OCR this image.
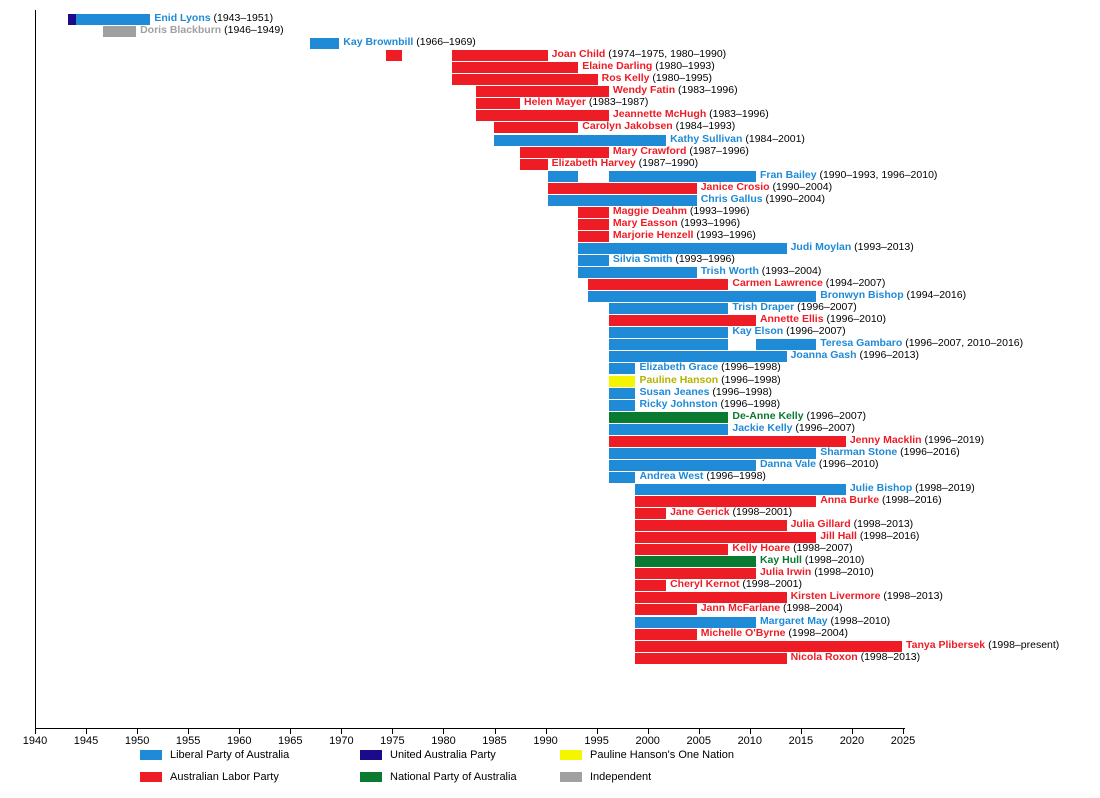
Enid Lyons (1943–1951)
Doris Blackburn (1946–1949)
Kay Brownbill (1966–1969)
Joan Child (1974–1975, 1980–1990)
Elaine Darling (1980–1993)
Ros Kelly (1980–1995)
Wendy Fatin (1983–1996)
Helen Mayer (1983–1987)
Jeannette McHugh (1983–1996)
Carolyn Jakobsen (1984–1993)
Kathy Sullivan (1984–2001)
Mary Crawford (1987–1996)
Elizabeth Harvey (1987–1990)
Fran Bailey (1990–1993, 1996–2010)
Janice Crosio (1990–2004)
Chris Gallus (1990–2004)
Maggie Deahm (1993–1996)
Mary Easson (1993–1996)
Marjorie Henzell (1993–1996)
Judi Moylan (1993–2013)
Silvia Smith (1993–1996)
Trish Worth (1993–2004)
Carmen Lawrence (1994–2007)
Bronwyn Bishop (1994–2016)
Trish Draper (1996–2007)
Annette Ellis (1996–2010)
Kay Elson (1996–2007)
Teresa Gambaro (1996–2007, 2010–2016)
Joanna Gash (1996–2013)
Elizabeth Grace (1996–1998)
Pauline Hanson (1996–1998)
Susan Jeanes (1996–1998)
Ricky Johnston (1996–1998)
De-Anne Kelly (1996–2007)
Jackie Kelly (1996–2007)
Jenny Macklin (1996–2019)
Sharman Stone (1996–2016)
Danna Vale (1996–2010)
Andrea West (1996–1998)
Julie Bishop (1998–2019)
Anna Burke (1998–2016)
Jane Gerick (1998–2001)
Julia Gillard (1998–2013)
Jill Hall (1998–2016)
Kelly Hoare (1998–2007)
Kay Hull (1998–2010)
Julia Irwin (1998–2010)
Cheryl Kernot (1998–2001)
Kirsten Livermore (1998–2013)
Jann McFarlane (1998–2004)
Margaret May (1998–2010)
Michelle O'Byrne (1998–2004)
Tanya Plibersek (1998–present)
Nicola Roxon (1998–2013)
1940	1945	1950	1955	1960	1965	1970	1975	1980	1985	1990	1995	2000	2005	2010	2015	2020	2025
Liberal Party of Australia
Australian Labor Party
United Australia Party
National Party of Australia
Pauline Hanson's One Nation
Independent
